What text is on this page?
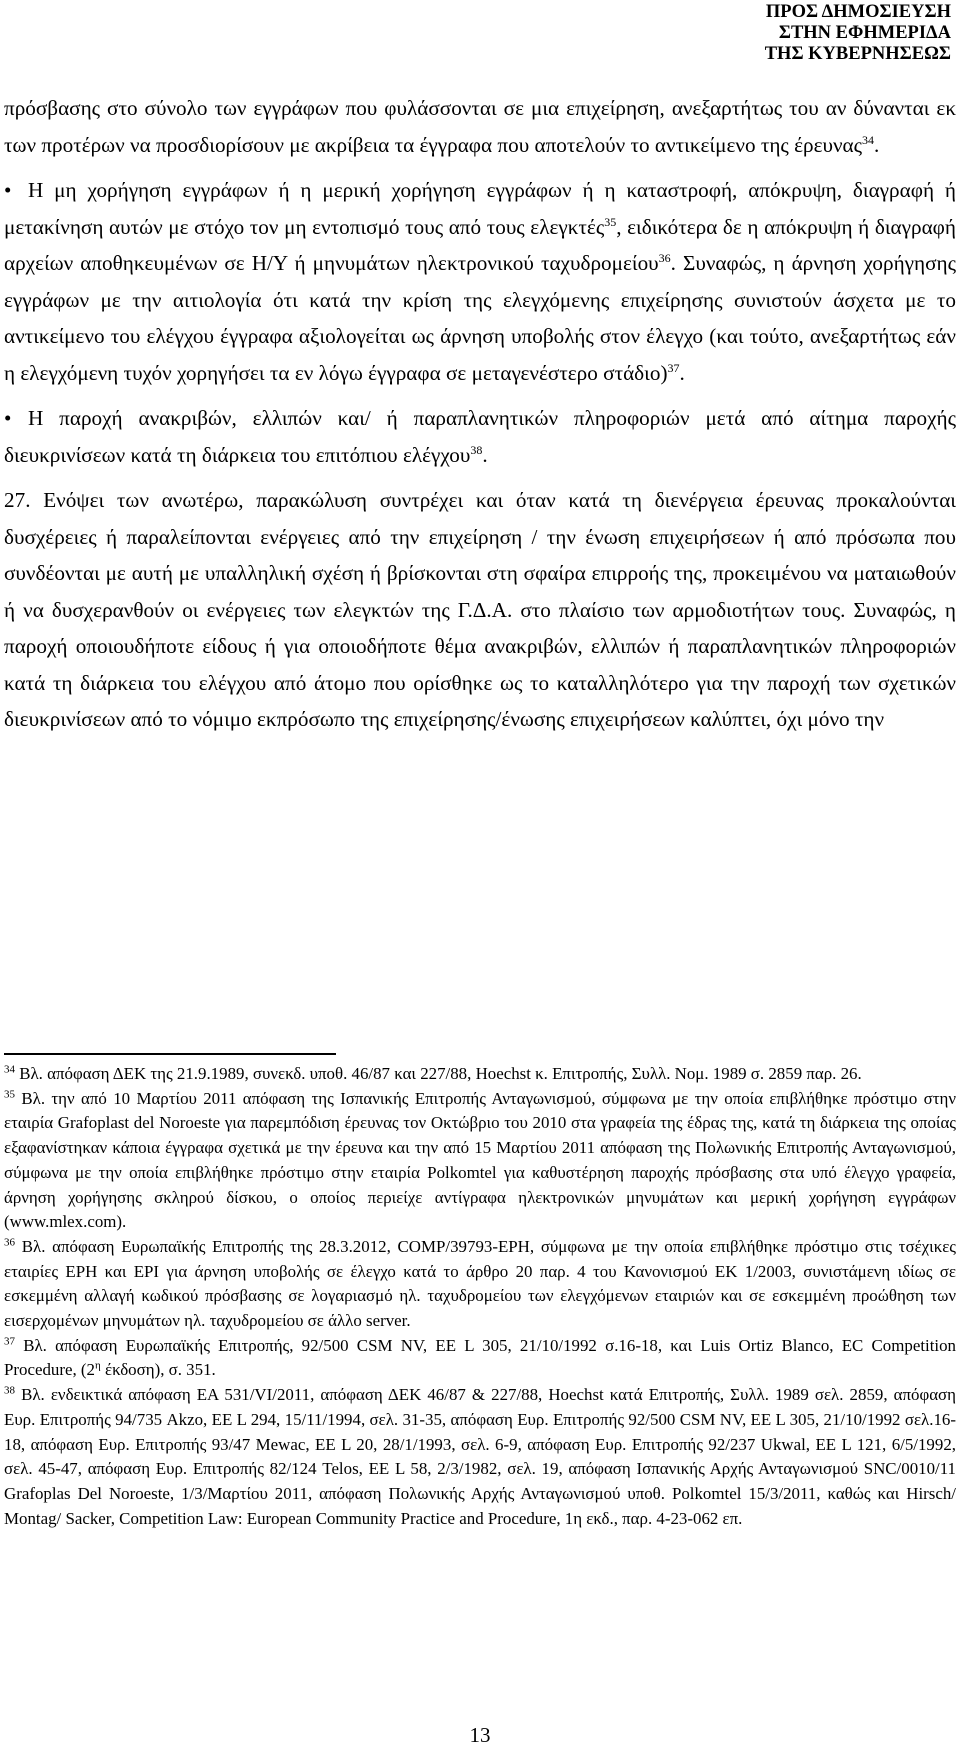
ΠΡΟΣ ΔΗΜΟΣΙΕΥΣΗ
ΣΤΗΝ ΕΦΗΜΕΡΙΔΑ
ΤΗΣ ΚΥΒΕΡΝΗΣΕΩΣ

πρόσβασης στο σύνολο των εγγράφων που φυλάσσονται σε μια επιχείρηση, ανεξαρτήτως του αν δύνανται εκ των προτέρων να προσδιορίσουν με ακρίβεια τα έγγραφα που αποτελούν το αντικείμενο της έρευνας$^{34}$.

• Η μη χορήγηση εγγράφων ή η μερική χορήγηση εγγράφων ή η καταστροφή, απόκρυψη, διαγραφή ή μετακίνηση αυτών με στόχο τον μη εντοπισμό τους από τους ελεγκτές$^{35}$, ειδικότερα δε η απόκρυψη ή διαγραφή αρχείων αποθηκευμένων σε Η/Υ ή μηνυμάτων ηλεκτρονικού ταχυδρομείου$^{36}$. Συναφώς, η άρνηση χορήγησης εγγράφων με την αιτιολογία ότι κατά την κρίση της ελεγχόμενης επιχείρησης συνιστούν άσχετα με το αντικείμενο του ελέγχου έγγραφα αξιολογείται ως άρνηση υποβολής στον έλεγχο (και τούτο, ανεξαρτήτως εάν η ελεγχόμενη τυχόν χορηγήσει τα εν λόγω έγγραφα σε μεταγενέστερο στάδιο)$^{37}$.

• Η παροχή ανακριβών, ελλιπών και/ ή παραπλανητικών πληροφοριών μετά από αίτημα παροχής διευκρινίσεων κατά τη διάρκεια του επιτόπιου ελέγχου$^{38}$.

27. Ενόψει των ανωτέρω, παρακώλυση συντρέχει και όταν κατά τη διενέργεια έρευνας προκαλούνται δυσχέρειες ή παραλείπονται ενέργειες από την επιχείρηση / την ένωση επιχειρήσεων ή από πρόσωπα που συνδέονται με αυτή με υπαλληλική σχέση ή βρίσκονται στη σφαίρα επιρροής της, προκειμένου να ματαιωθούν ή να δυσχερανθούν οι ενέργειες των ελεγκτών της Γ.Δ.Α. στο πλαίσιο των αρμοδιοτήτων τους. Συναφώς, η παροχή οποιουδήποτε είδους ή για οποιοδήποτε θέμα ανακριβών, ελλιπών ή παραπλανητικών πληροφοριών κατά τη διάρκεια του ελέγχου από άτομο που ορίσθηκε ως το καταλληλότερο για την παροχή των σχετικών διευκρινίσεων από το νόμιμο εκπρόσωπο της επιχείρησης/ένωσης επιχειρήσεων καλύπτει, όχι μόνο την

$^{34}$ Βλ. απόφαση ΔΕΚ της 21.9.1989, συνεκδ. υποθ. 46/87 και 227/88, Hoechst κ. Επιτροπής, Συλλ. Νομ. 1989 σ. 2859 παρ. 26.

$^{35}$ Βλ. την από 10 Μαρτίου 2011 απόφαση της Ισπανικής Επιτροπής Ανταγωνισμού, σύμφωνα με την οποία επιβλήθηκε πρόστιμο στην εταιρία Grafoplast del Noroeste για παρεμπόδιση έρευνας τον Οκτώβριο του 2010 στα γραφεία της έδρας της, κατά τη διάρκεια της οποίας εξαφανίστηκαν κάποια έγγραφα σχετικά με την έρευνα και την από 15 Μαρτίου 2011 απόφαση της Πολωνικής Επιτροπής Ανταγωνισμού, σύμφωνα με την οποία επιβλήθηκε πρόστιμο στην εταιρία Polkomtel για καθυστέρηση παροχής πρόσβασης στα υπό έλεγχο γραφεία, άρνηση χορήγησης σκληρού δίσκου, ο οποίος περιείχε αντίγραφα ηλεκτρονικών μηνυμάτων και μερική χορήγηση εγγράφων (www.mlex.com).

$^{36}$ Βλ. απόφαση Ευρωπαϊκής Επιτροπής της 28.3.2012, COMP/39793-EPH, σύμφωνα με την οποία επιβλήθηκε πρόστιμο στις τσέχικες εταιρίες EPH και EPI για άρνηση υποβολής σε έλεγχο κατά το άρθρο 20 παρ. 4 του Κανονισμού ΕΚ 1/2003, συνιστάμενη ιδίως σε εσκεμμένη αλλαγή κωδικού πρόσβασης σε λογαριασμό ηλ. ταχυδρομείου των ελεγχόμενων εταιριών και σε εσκεμμένη προώθηση των εισερχομένων μηνυμάτων ηλ. ταχυδρομείου σε άλλο server.

$^{37}$ Βλ. απόφαση Ευρωπαϊκής Επιτροπής, 92/500 CSM NV, EE L 305, 21/10/1992 σ.16-18, και Luis Ortiz Blanco, EC Competition Procedure, ($2^\eta$ έκδοση), σ. 351.

$^{38}$ Βλ. ενδεικτικά απόφαση ΕΑ 531/VI/2011, απόφαση ΔΕΚ 46/87 & 227/88, Hoechst κατά Επιτροπής, Συλλ. 1989 σελ. 2859, απόφαση Ευρ. Επιτροπής 94/735 Akzo, EE L 294, 15/11/1994, σελ. 31-35, απόφαση Ευρ. Επιτροπής 92/500 CSM NV, EE L 305, 21/10/1992 σελ.16-18, απόφαση Ευρ. Επιτροπής 93/47 Mewac, EE L 20, 28/1/1993, σελ. 6-9, απόφαση Ευρ. Επιτροπής 92/237 Ukwal, EE L 121, 6/5/1992, σελ. 45-47, απόφαση Ευρ. Επιτροπής 82/124 Telos, EE L 58, 2/3/1982, σελ. 19, απόφαση Ισπανικής Αρχής Ανταγωνισμού SNC/0010/11 Grafoplas Del Noroeste, 1/3/Μαρτίου 2011, απόφαση Πολωνικής Αρχής Ανταγωνισμού υποθ. Polkomtel 15/3/2011, καθώς και Hirsch/ Montag/ Sacker, Competition Law: European Community Practice and Procedure, 1η εκδ., παρ. 4-23-062 επ.

13
